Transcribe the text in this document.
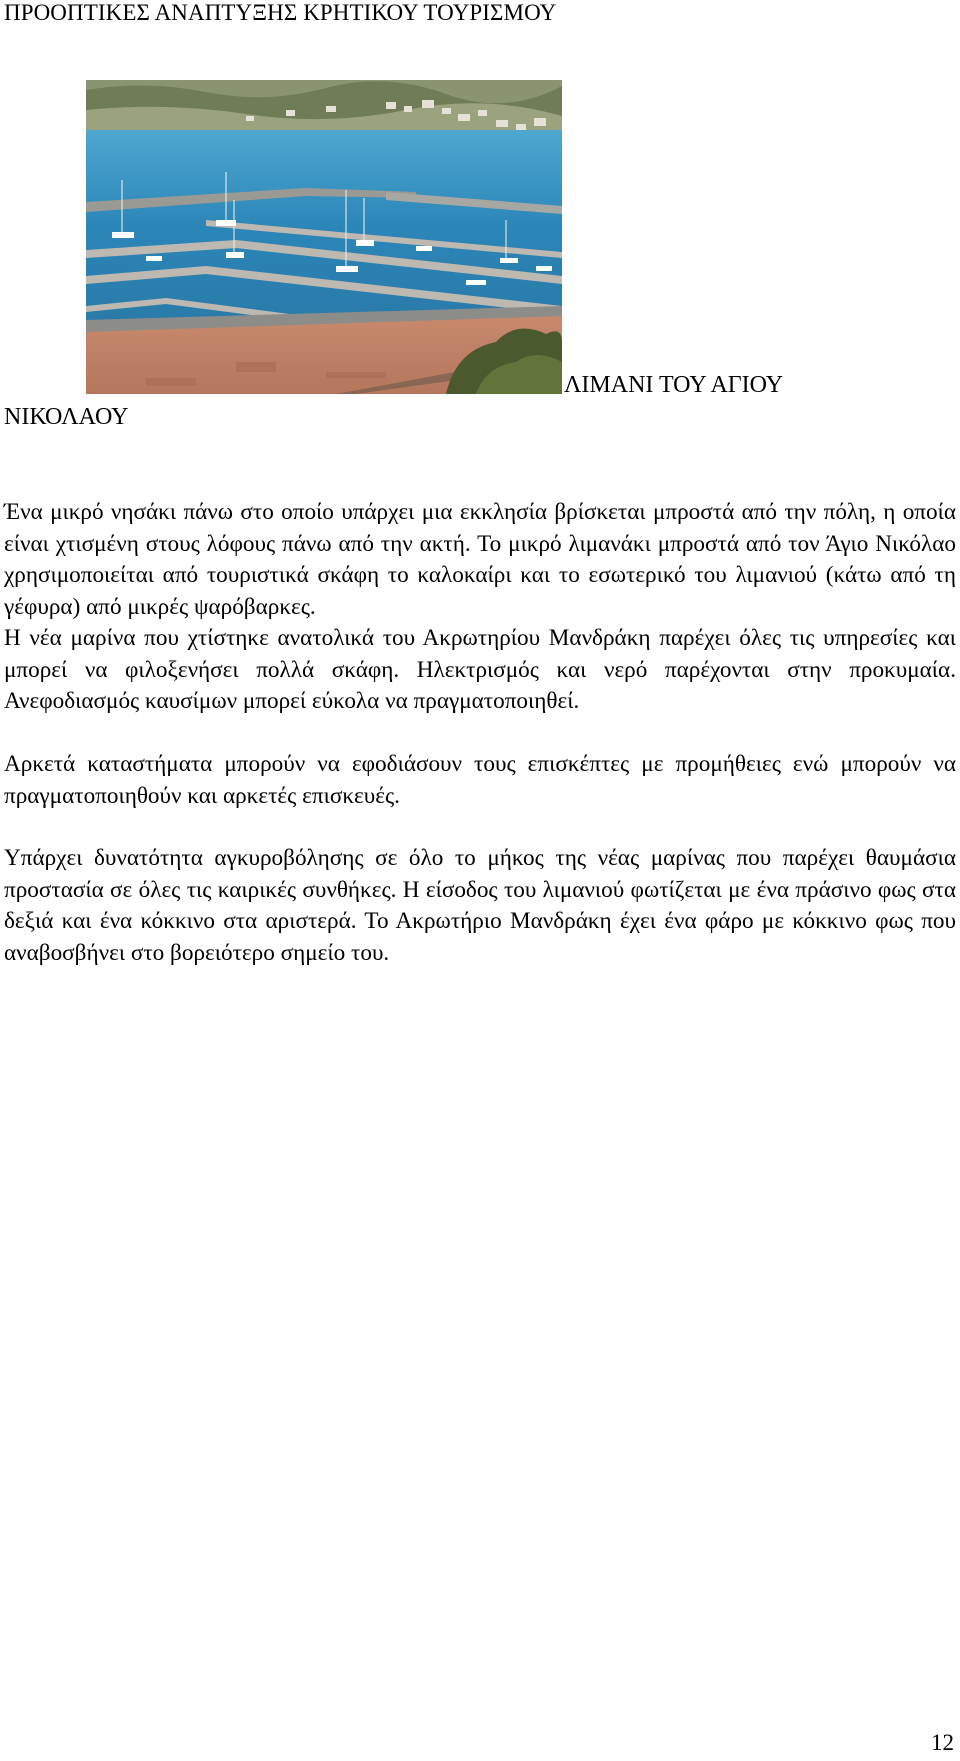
ΠΡΟΟΠΤΙΚΕΣ ΑΝΑΠΤΥΞΗΣ ΚΡΗΤΙΚΟΥ ΤΟΥΡΙΣΜΟΥ
ΛΙΜΑΝΙ ΤΟΥ ΑΓΙΟΥ
ΝΙΚΟΛΑΟΥ

Ένα μικρό νησάκι πάνω στο οποίο υπάρχει μια εκκλησία βρίσκεται μπροστά από την πόλη, η οποία είναι χτισμένη στους λόφους πάνω από την ακτή. Το μικρό λιμανάκι μπροστά από τον Άγιο Νικόλαο χρησιμοποιείται από τουριστικά σκάφη το καλοκαίρι και το εσωτερικό του λιμανιού (κάτω από τη γέφυρα) από μικρές ψαρόβαρκες.

Η νέα μαρίνα που χτίστηκε ανατολικά του Ακρωτηρίου Μανδράκη παρέχει όλες τις υπηρεσίες και μπορεί να φιλοξενήσει πολλά σκάφη. Ηλεκτρισμός και νερό παρέχονται στην προκυμαία. Ανεφοδιασμός καυσίμων μπορεί εύκολα να πραγματοποιηθεί.

Αρκετά καταστήματα μπορούν να εφοδιάσουν τους επισκέπτες με προμήθειες ενώ μπορούν να πραγματοποιηθούν και αρκετές επισκευές.

Υπάρχει δυνατότητα αγκυροβόλησης σε όλο το μήκος της νέας μαρίνας που παρέχει θαυμάσια προστασία σε όλες τις καιρικές συνθήκες. Η είσοδος του λιμανιού φωτίζεται με ένα πράσινο φως στα δεξιά και ένα κόκκινο στα αριστερά. Το Ακρωτήριο Μανδράκη έχει ένα φάρο με κόκκινο φως που αναβοσβήνει στο βορειότερο σημείο του.

12
